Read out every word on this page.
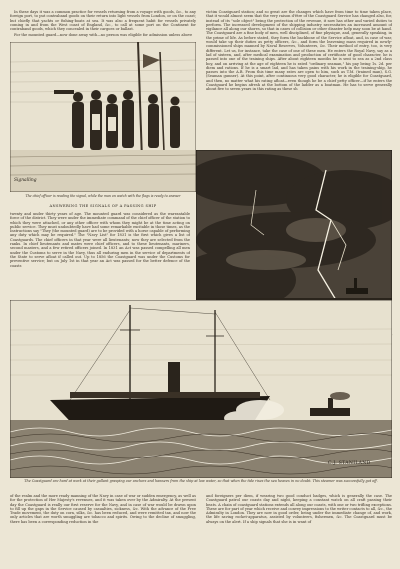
In these days it was a common practice for vessels returning from a voyage with goods, &c., to any foreign port, to put contraband goods on their return into light vessels from London, or on the coast; but chiefly that yachts or fishing-boats at sea. It was also a frequent habit for vessels privately coming in and from the West coast of England, &c., to call at some port on the Continent for contraband goods, which they concealed in their cargoes or ballast.

For the mounted guard—now done away with—no person was eligible for admission unless above

Signalling
The chief officer is reading the signal, while the man on watch with the flags is ready to answer
ANSWERING THE SIGNALS OF A PASSING SHIP
victim Coastguard station; and so great are the changes which have from time to time taken place, that it would almost seem that the very raison d'être of the Coastguard Service has changed also, for, instead of its "sole object" being the protection of the revenue, it now has other and varied duties to perform. The increased development of the shipping industry necessitates an increased amount of vigilance all along our shores, so that in cases of collision or other disaster help may soon be at hand. The Coastguard are a fine body of men, well disciplined, of fine physique, and, generally speaking, in the prime of life. As before stated, they form the backbone of the Service afloat, and, in case of war, would take up their duties as petty officers, &c., and form the leavening mass required in newly-commissioned ships manned by Naval Reserves, Volunteers, &c. Their method of entry, too, is very different. Let us, for instance, take the case of one of these men. He enters the Royal Navy, say as a lad of sixteen, and, after medical examination and production of certificate of good character, he is passed into one of the training ships. After about eighteen months he is sent to sea as a 2nd class boy, and on arriving at the age of eighteen he is rated "ordinary seaman," his pay being 1s. 2d. per diem and rations. If he is a smart lad, and has taken pains with his work in the training-ship, he passes into the A.B. From this time many rates are open to him, such as T.M. (trained man), S.G. (Seaman gunner). At this point, after continuous very good character, he is eligible for Coastguard, and then, no matter what his rating afloat—even though he be a chief petty officer—if he enters the Coastguard he begins afresh at the bottom of the ladder as a boatman. He has to serve generally about five to seven years in this rating as these sh
twenty and under thirty years of age. The mounted guard was considered as the warrantable force of the district. They were under the immediate command of the chief officer of the station to which they were attached, or any other officer with whom they might be at the time acting on public service. They must undoubtedly have had some remarkable excitable in those times, as the Instructions say "They (the mounted guard) are to be provided with a horse capable of performing any duty which may be required." The "Navy List" for 1831 is the first which gives a list of Coastguards. The chief officers in that year were all lieutenants; now they are selected from the ranks. In chief lieutenants and mates were chief officers, and to these lieutenants, mariners, second masters, and a few retired officers joined. In 1831 an Act was passed compelling all men under the Customs to serve in the Navy, thus all enduring men in the service of departments of the State to serve afloat if called out. Up to 1856 the Coastguard was under the Customs for preventive service; but on July 1st in that year an Act was passed for the better defence of the coasts
C.J. STANILAND
The Coastguard are hard at work at their gallant grasping our anchors and hawsers from the ship at low water, so that when the tide rises the sea heaves in no doubt. This steamer was successfully got off.
of the realm and the more ready manning of the Navy in case of war or sudden emergency, as well as for the protection of Her Majesty's revenues, and it was taken over by the Admiralty. At the present day the Coastguard is really our first reserve for the Navy, and in case of war would be drawn upon to fill up the gaps in the Service caused by casualties, sickness, &c. With the advance of the Free Trade movement, the duty on corn, silks, &c. has been reduced, and were remitted tax, and now the only articles that are worth smuggling are tobacco and spirits. Owing to the decline of smuggling, there has been a corresponding reduction in the
and foreigners per diem, if wearing two good conduct badges, which is generally the case. The Coastguard patrol our coasts day and night, keeping a constant watch on all craft passing their beats. A chain of coastguard stations extends all along our coasts, with one or two trifling exceptions. These are for part of year which receive and convey impressions to the writer contacts to all, &c., the Admiralty in London. They are now in good order, being under the immediate change of, and work, the life saving rocket-apparatus, assisted by volunteers, fishermen, &c. The Coastguard must be always on the alert. If a ship signals that she is in want of
